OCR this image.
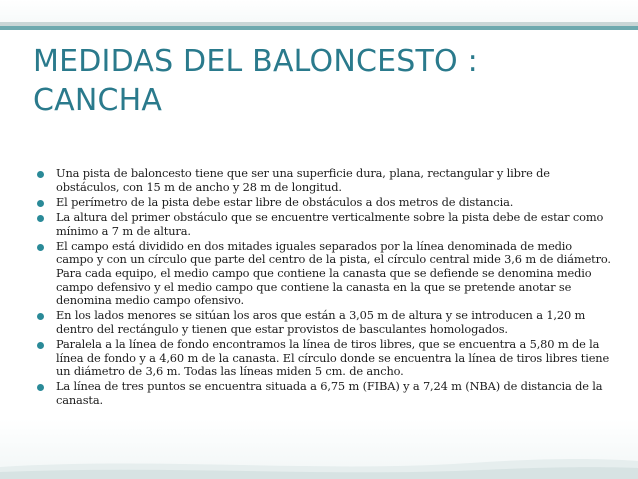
MEDIDAS DEL BALONCESTO : CANCHA
Una pista de baloncesto tiene que ser una superficie dura, plana, rectangular y libre de obstáculos, con 15 m de ancho y 28 m de longitud.
El perímetro de la pista debe estar libre de obstáculos a dos metros de distancia.
La altura del primer obstáculo que se encuentre verticalmente sobre la pista debe de estar como mínimo a 7 m de altura.
El campo está dividido en dos mitades iguales separados por la línea denominada de medio campo y con un círculo que parte del centro de la pista, el círculo central mide 3,6 m de diámetro. Para cada equipo, el medio campo que contiene la canasta que se defiende se denomina medio campo defensivo y el medio campo que contiene la canasta en la que se pretende anotar se denomina medio campo ofensivo.
En los lados menores se sitúan los aros que están a 3,05 m de altura y se introducen a 1,20 m dentro del rectángulo y tienen que estar provistos de basculantes homologados.
Paralela a la línea de fondo encontramos la línea de tiros libres, que se encuentra a 5,80 m de la línea de fondo y a 4,60 m de la canasta. El círculo donde se encuentra la línea de tiros libres tiene un diámetro de 3,6 m. Todas las líneas miden 5 cm. de ancho.
La línea de tres puntos se encuentra situada a 6,75 m (FIBA) y a 7,24 m (NBA) de distancia de la canasta.
